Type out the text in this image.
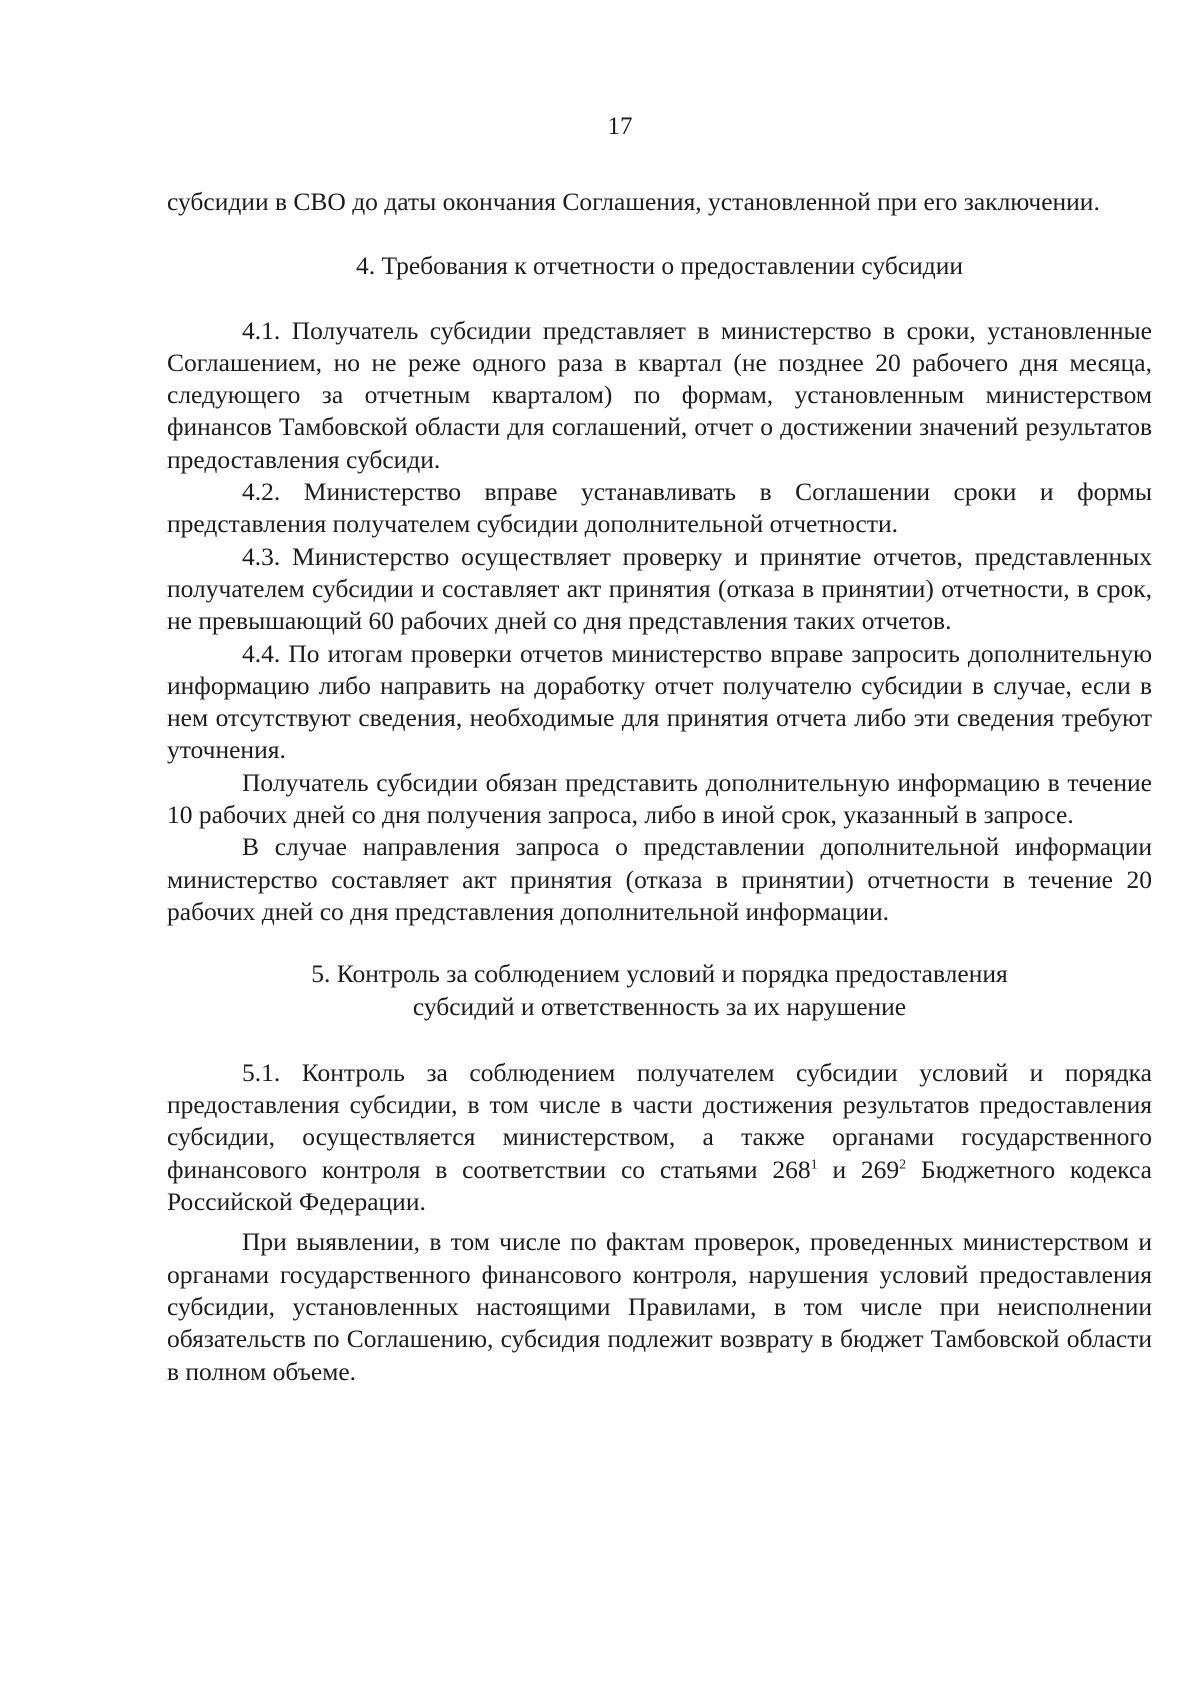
17

субсидии в СВО до даты окончания Соглашения, установленной при его заключении.

4. Требования к отчетности о предоставлении субсидии

4.1. Получатель субсидии представляет в министерство в сроки, установленные Соглашением, но не реже одного раза в квартал (не позднее 20 рабочего дня месяца, следующего за отчетным кварталом) по формам, установленным министерством финансов Тамбовской области для соглашений, отчет о достижении значений результатов предоставления субсиди.

4.2. Министерство вправе устанавливать в Соглашении сроки и формы представления получателем субсидии дополнительной отчетности.

4.3. Министерство осуществляет проверку и принятие отчетов, представленных получателем субсидии и составляет акт принятия (отказа в принятии) отчетности, в срок, не превышающий 60 рабочих дней со дня представления таких отчетов.

4.4. По итогам проверки отчетов министерство вправе запросить дополнительную информацию либо направить на доработку отчет получателю субсидии в случае, если в нем отсутствуют сведения, необходимые для принятия отчета либо эти сведения требуют уточнения.

Получатель субсидии обязан представить дополнительную информацию в течение 10 рабочих дней со дня получения запроса, либо в иной срок, указанный в запросе.

В случае направления запроса о представлении дополнительной информации министерство составляет акт принятия (отказа в принятии) отчетности в течение 20 рабочих дней со дня представления дополнительной информации.

5. Контроль за соблюдением условий и порядка предоставления
субсидий и ответственность за их нарушение

5.1. Контроль за соблюдением получателем субсидии условий и порядка предоставления субсидии, в том числе в части достижения результатов предоставления субсидии, осуществляется министерством, а также органами государственного финансового контроля в соответствии со статьями $268^1$ и $269^2$ Бюджетного кодекса Российской Федерации.

При выявлении, в том числе по фактам проверок, проведенных министерством и органами государственного финансового контроля, нарушения условий предоставления субсидии, установленных настоящими Правилами, в том числе при неисполнении обязательств по Соглашению, субсидия подлежит возврату в бюджет Тамбовской области в полном объеме.
